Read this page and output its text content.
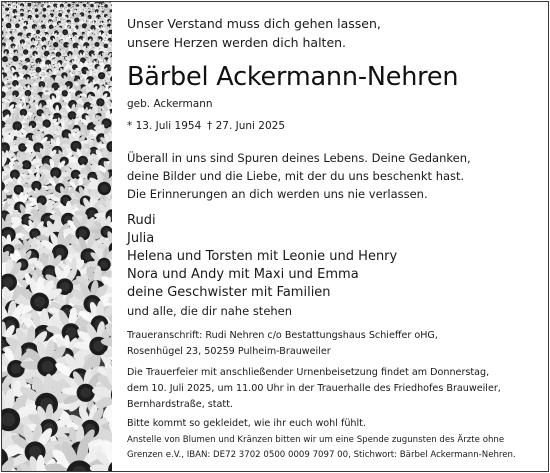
Unser Verstand muss dich gehen lassen,

unsere Herzen werden dich halten.

Bärbel Ackermann-Nehren

geb. Ackermann

* 13. Juli 1954 † 27. Juni 2025

Überall in uns sind Spuren deines Lebens. Deine Gedanken,

deine Bilder und die Liebe, mit der du uns beschenkt hast.

Die Erinnerungen an dich werden uns nie verlassen.

Rudi

Julia

Helena und Torsten mit Leonie und Henry

Nora und Andy mit Maxi und Emma

deine Geschwister mit Familien

und alle, die dir nahe stehen

Traueranschrift: Rudi Nehren c/o Bestattungshaus Schieffer oHG,

Rosenhügel 23, 50259 Pulheim-Brauweiler

Die Trauerfeier mit anschließender Urnenbeisetzung findet am Donnerstag,

dem 10. Juli 2025, um 11.00 Uhr in der Trauerhalle des Friedhofes Brauweiler,

Bernhardstraße, statt.

Bitte kommt so gekleidet, wie ihr euch wohl fühlt.

Anstelle von Blumen und Kränzen bitten wir um eine Spende zugunsten des Ärzte ohne

Grenzen e.V., IBAN: DE72 3702 0500 0009 7097 00, Stichwort: Bärbel Ackermann-Nehren.
